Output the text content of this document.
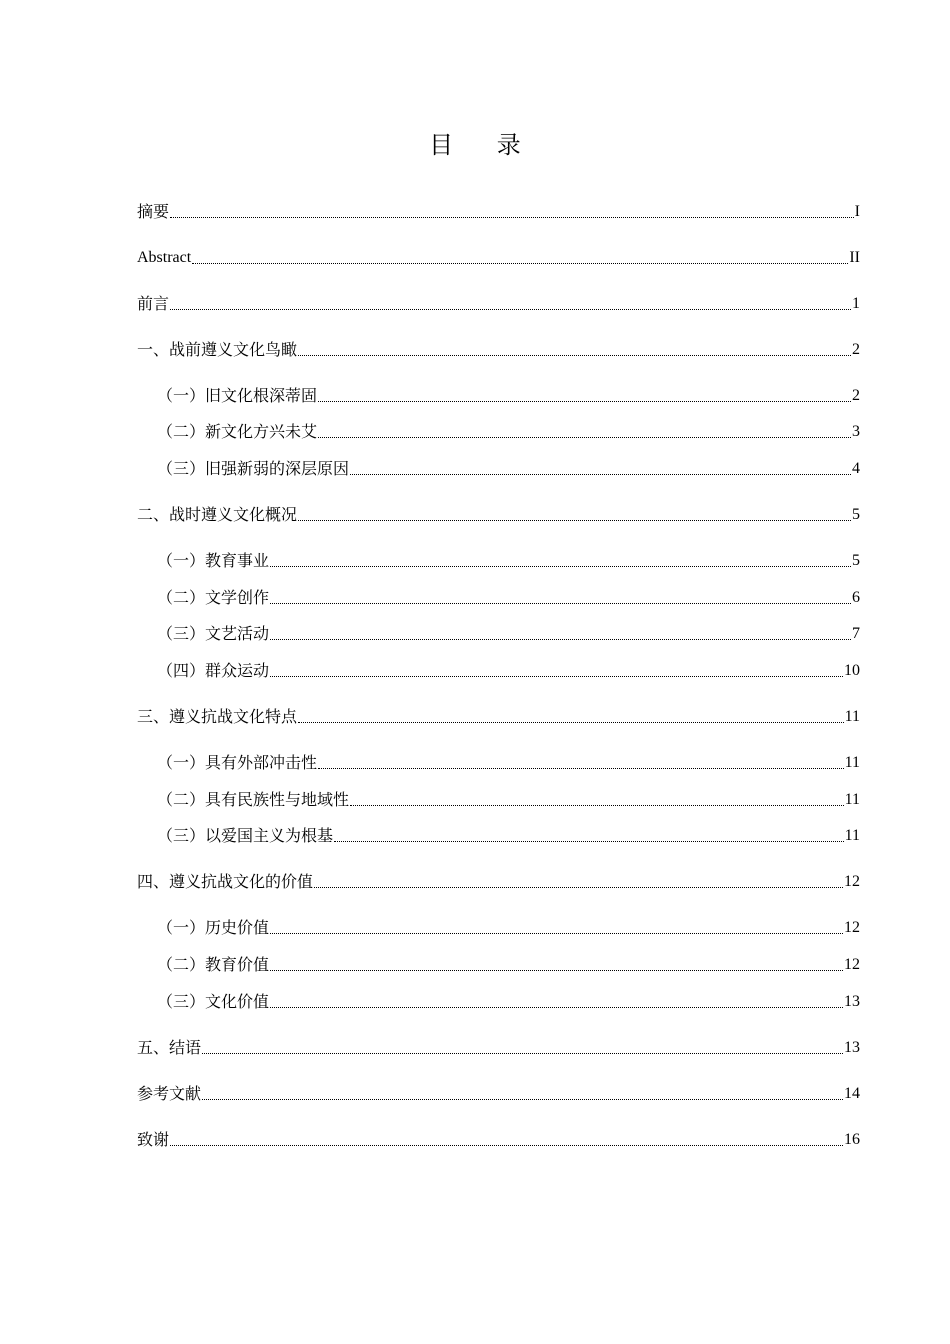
目 录
摘要	I
Abstract	II
前言	1
一、战前遵义文化鸟瞰	2
（一）旧文化根深蒂固	2
（二）新文化方兴未艾	3
（三）旧强新弱的深层原因	4
二、战时遵义文化概况	5
（一）教育事业	5
（二）文学创作	6
（三）文艺活动	7
（四）群众运动	10
三、遵义抗战文化特点	11
（一）具有外部冲击性	11
（二）具有民族性与地域性	11
（三）以爱国主义为根基	11
四、遵义抗战文化的价值	12
（一）历史价值	12
（二）教育价值	12
（三）文化价值	13
五、结语	13
参考文献	14
致谢	16
